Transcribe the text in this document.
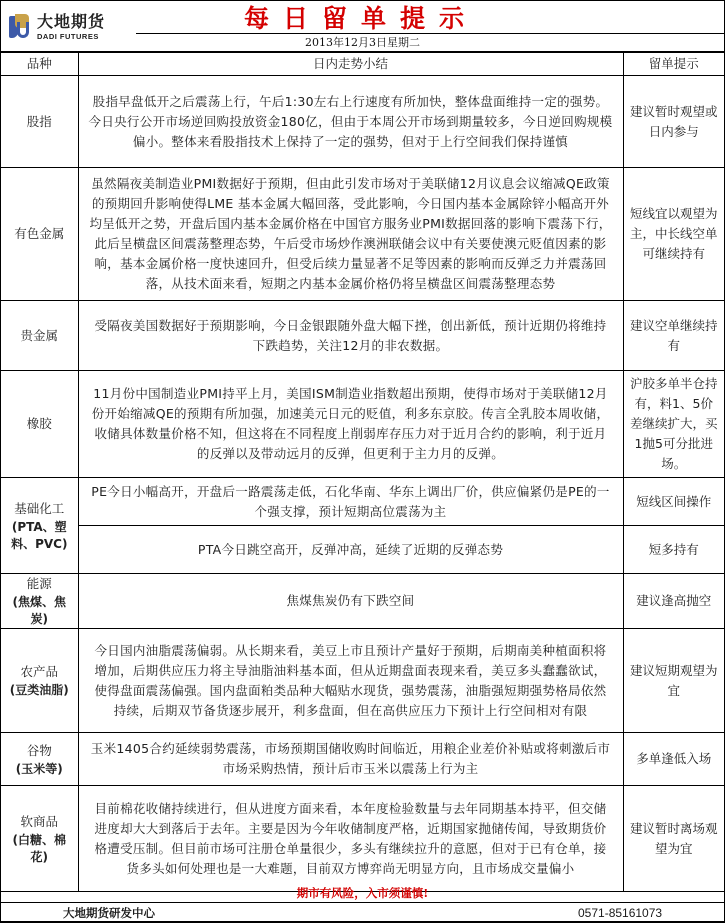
大地期货
DADI FUTURES
每日留单提示
2013年12月3日星期二
品种	日内走势小结	留单提示
股指	股指早盘低开之后震荡上行，午后1:30左右上行速度有所加快，整体盘面维持一定的强势。今日央行公开市场逆回购投放资金180亿，但由于本周公开市场到期量较多，今日逆回购规模偏小。整体来看股指技术上保持了一定的强势，但对于上行空间我们保持谨慎	建议暂时观望或日内参与
有色金属	虽然隔夜美制造业PMI数据好于预期，但由此引发市场对于美联储12月议息会议缩减QE政策的预期回升影响使得LME 基本金属大幅回落，受此影响，今日国内基本金属除锌小幅高开外均呈低开之势，开盘后国内基本金属价格在中国官方服务业PMI数据回落的影响下震荡下行，此后呈横盘区间震荡整理态势，午后受市场炒作澳洲联储会议中有关要使澳元贬值因素的影响，基本金属价格一度快速回升，但受后续力量显著不足等因素的影响而反弹乏力并震荡回落，从技术面来看，短期之内基本金属价格仍将呈横盘区间震荡整理态势	短线宜以观望为主，中长线空单可继续持有
贵金属	受隔夜美国数据好于预期影响，今日金银跟随外盘大幅下挫，创出新低，预计近期仍将维持下跌趋势，关注12月的非农数据。	建议空单继续持有
橡胶	11月份中国制造业PMI持平上月，美国ISM制造业指数超出预期，使得市场对于美联储12月份开始缩减QE的预期有所加强，加速美元日元的贬值，利多东京胶。传言全乳胶本周收储，收储具体数量价格不知，但这将在不同程度上削弱库存压力对于近月合约的影响，利于近月的反弹以及带动远月的反弹，但更利于主力月的反弹。	沪胶多单半仓持有，料1、5价差继续扩大，买1抛5可分批进场。
基础化工
(PTA、塑料、PVC)	PE今日小幅高开，开盘后一路震荡走低，石化华南、华东上调出厂价，供应偏紧仍是PE的一个强支撑，预计短期高位震荡为主	短线区间操作
	PTA今日跳空高开，反弹冲高，延续了近期的反弹态势	短多持有
能源
(焦煤、焦炭)	焦煤焦炭仍有下跌空间	建议逢高抛空
农产品
(豆类油脂)	今日国内油脂震荡偏弱。从长期来看，美豆上市且预计产量好于预期，后期南美种植面积将增加，后期供应压力将主导油脂油料基本面，但从近期盘面表现来看，美豆多头蠢蠢欲试，使得盘面震荡偏强。国内盘面粕类品种大幅贴水现货，强势震荡，油脂强短期强势格局依然持续，后期双节备货逐步展开，利多盘面，但在高供应压力下预计上行空间相对有限	建议短期观望为宜
谷物
(玉米等)	玉米1405合约延续弱势震荡，市场预期国储收购时间临近，用粮企业差价补贴或将刺激后市市场采购热情，预计后市玉米以震荡上行为主	多单逢低入场
软商品
(白糖、棉花)	目前棉花收储持续进行，但从进度方面来看，本年度检验数量与去年同期基本持平，但交储进度却大大到落后于去年。主要是因为今年收储制度严格，近期国家抛储传闻，导致期货价格遭受压制。但目前市场可注册仓单量很少，多头有继续拉升的意愿，但对于已有仓单，接货多头如何处理也是一大难题，目前双方博弈尚无明显方向，且市场成交量偏小	建议暂时离场观望为宜
期市有风险，入市须谨慎!
大地期货研发中心	0571-85161073
